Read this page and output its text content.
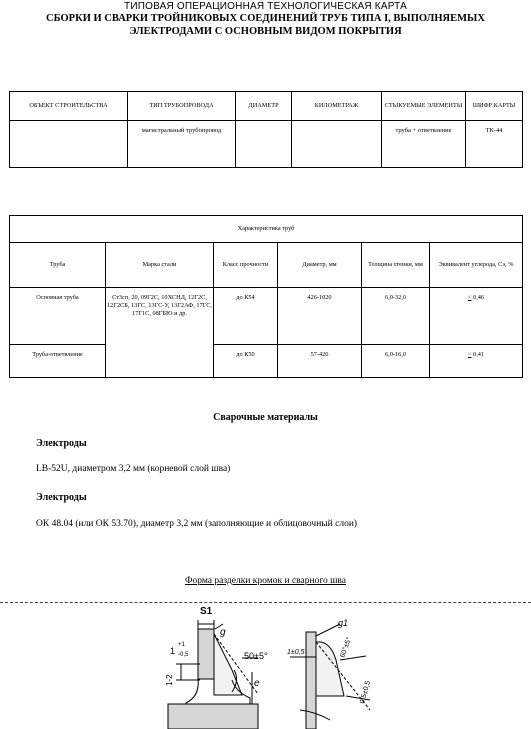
ТИПОВАЯ ОПЕРАЦИОННАЯ ТЕХНОЛОГИЧЕСКАЯ КАРТА
СБОРКИ И СВАРКИ ТРОЙНИКОВЫХ СОЕДИНЕНИЙ ТРУБ ТИПА I, ВЫПОЛНЯЕМЫХ
ЭЛЕКТРОДАМИ С ОСНОВНЫМ ВИДОМ ПОКРЫТИЯ
ОБЪЕКТ СТРОИТЕЛЬСТВА	ТИП ТРУБОПРОВОДА	ДИАМЕТР	КИЛОМЕТРАЖ	СТЫКУЕМЫЕ ЭЛЕМЕНТЫ	ШИФР КАРТЫ
	магистральный трубопровод			труба + ответвление	ТК-44
Характеристика труб					
Труба	Марка стали	Класс прочности	Диаметр, мм	Толщина стенки, мм	Эквивалент углерода, Сэ, %
Основная труба	Ст3сп, 20, 09Г2С, 10ХСНД, 12Г2С, 12Г2СБ, 13ГС, 13ГС-У, 13Г2АФ, 17ГС, 17Г1С, 08ГБЮ и др.	до К54	426-1020	6,0-32,0	≤ 0,46
Труба-ответвление		до К50	57-426	6,0-16,0	≤ 0,41
Сварочные материалы
Электроды
LB-52U, диаметром 3,2 мм (корневой слой шва)
Электроды
ОК 48.04 (или ОК 53.70), диаметр 3,2 мм (заполняющие и облицовочный слои)
Форма разделки кромок и сварного шва
S1
g
e
1
+1
-0,5	50±5°
1-2
g1
1±0,5	60°±5°
0,5±0,5
